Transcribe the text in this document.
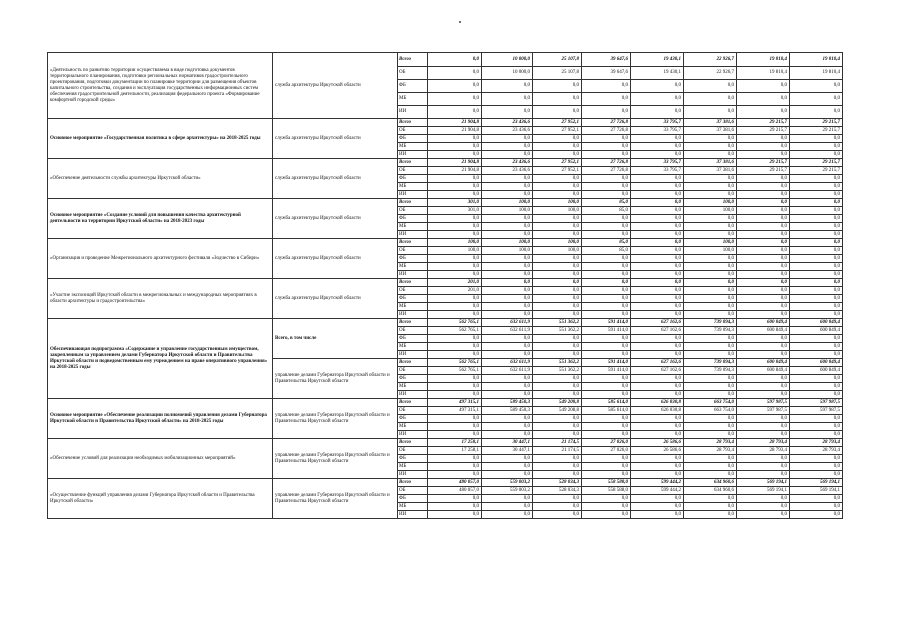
«Деятельность по развитию территории осуществляема в виде подготовка документов территориального планирования, подготовки региональных нормативов градостроительного проектирования, подготовки документации по планировке территории для размещения объектов капитального строительства, создания и эксплуатация государственных информационных систем обеспечения градостроительной деятельности, реализация федерального проекта «Формирование комфортной городской среды»	служба архитектуры Иркутской области	Всего	0,0	10 000,0	25 107,8	39 647,6	19 430,1	22 926,7	19 810,4	19 810,4
		ОБ	0,0	10 000,0	25 107,8	39 647,6	19 430,1	22 926,7	19 810,4	19 810,4
		ФБ	0,0	0,0	0,0	0,0	0,0	0,0	0,0	0,0
		МБ	0,0	0,0	0,0	0,0	0,0	0,0	0,0	0,0
		ИИ	0,0	0,0	0,0	0,0	0,0	0,0	0,0	0,0
Основное мероприятие «Государственная политика в сфере архитектуры» на 2018-2025 годы	служба архитектуры Иркутской области	Всего	21 904,8	23 436,6	27 952,1	27 726,8	33 795,7	37 381,6	29 215,7	29 215,7
		ОБ	21 904,8	23 436,6	27 952,1	27 726,8	33 795,7	37 381,6	29 215,7	29 215,7
		ФБ	0,0	0,0	0,0	0,0	0,0	0,0	0,0	0,0
		МБ	0,0	0,0	0,0	0,0	0,0	0,0	0,0	0,0
		ИИ	0,0	0,0	0,0	0,0	0,0	0,0	0,0	0,0
«Обеспечение деятельности службы архитектуры Иркутской области»	служба архитектуры Иркутской области	Всего	21 904,8	23 436,6	27 952,1	27 726,8	33 795,7	37 381,6	29 215,7	29 215,7
		ОБ	21 904,8	23 436,6	27 952,1	27 726,8	33 795,7	37 381,6	29 215,7	29 215,7
		ФБ	0,0	0,0	0,0	0,0	0,0	0,0	0,0	0,0
		МБ	0,0	0,0	0,0	0,0	0,0	0,0	0,0	0,0
		ИИ	0,0	0,0	0,0	0,0	0,0	0,0	0,0	0,0
Основное мероприятие «Создание условий для повышения качества архитектурной деятельности на территории Иркутской области» на 2018-2023 годы	служба архитектуры Иркутской области	Всего	301,0	100,0	100,0	85,0	0,0	100,0	0,0	0,0
		ОБ	301,0	100,0	100,0	85,0	0,0	100,0	0,0	0,0
		ФБ	0,0	0,0	0,0	0,0	0,0	0,0	0,0	0,0
		МБ	0,0	0,0	0,0	0,0	0,0	0,0	0,0	0,0
		ИИ	0,0	0,0	0,0	0,0	0,0	0,0	0,0	0,0
«Организация и проведение Межрегионального архитектурного фестиваля «Зодчество в Сибири»	служба архитектуры Иркутской области	Всего	100,0	100,0	100,0	85,0	0,0	100,0	0,0	0,0
		ОБ	100,0	100,0	100,0	85,0	0,0	100,0	0,0	0,0
		ФБ	0,0	0,0	0,0	0,0	0,0	0,0	0,0	0,0
		МБ	0,0	0,0	0,0	0,0	0,0	0,0	0,0	0,0
		ИИ	0,0	0,0	0,0	0,0	0,0	0,0	0,0	0,0
«Участие экспозиций Иркутской области в межрегиональных и международных мероприятиях в области архитектуры и градостроительства»	служба архитектуры Иркутской области	Всего	201,0	0,0	0,0	0,0	0,0	0,0	0,0	0,0
		ОБ	201,0	0,0	0,0	0,0	0,0	0,0	0,0	0,0
		ФБ	0,0	0,0	0,0	0,0	0,0	0,0	0,0	0,0
		МБ	0,0	0,0	0,0	0,0	0,0	0,0	0,0	0,0
		ИИ	0,0	0,0	0,0	0,0	0,0	0,0	0,0	0,0
Обеспечивающая подпрограмма «Содержание и управление государственным имуществом, закрепленным за управлением делами Губернатора Иркутской области и Правительства Иркутской области и подведомственным ему учреждением на праве оперативного управления» на 2018-2025 годы	Всего, в том числе	Всего	562 765,1	632 611,9	551 362,2	591 414,0	627 162,6	739 094,3	600 849,4	600 849,4
		ОБ	562 765,1	632 611,9	551 362,2	591 414,0	627 162,6	739 094,3	600 849,4	600 849,4
		ФБ	0,0	0,0	0,0	0,0	0,0	0,0	0,0	0,0
		МБ	0,0	0,0	0,0	0,0	0,0	0,0	0,0	0,0
		ИИ	0,0	0,0	0,0	0,0	0,0	0,0	0,0	0,0
	управление делами Губернатора Иркутской области и Правительства Иркутской области	Всего	562 765,1	632 611,9	551 362,2	591 414,0	627 162,6	739 094,3	600 849,4	600 849,4
		ОБ	562 765,1	632 611,9	551 362,2	591 414,0	627 162,6	739 094,3	600 849,4	600 849,4
		ФБ	0,0	0,0	0,0	0,0	0,0	0,0	0,0	0,0
		МБ	0,0	0,0	0,0	0,0	0,0	0,0	0,0	0,0
		ИИ	0,0	0,0	0,0	0,0	0,0	0,0	0,0	0,0
Основное мероприятие «Обеспечение реализации полномочий управления делами Губернатора Иркутской области и Правительства Иркутской области» на 2018-2025 годы	управление делами Губернатора Иркутской области и Правительства Иркутской области	Всего	497 315,1	589 450,3	549 208,8	585 614,0	626 030,8	663 754,0	597 987,5	597 987,5
		ОБ	497 315,1	589 450,3	549 208,8	585 614,0	626 030,8	663 754,0	597 987,5	597 987,5
		ФБ	0,0	0,0	0,0	0,0	0,0	0,0	0,0	0,0
		МБ	0,0	0,0	0,0	0,0	0,0	0,0	0,0	0,0
		ИИ	0,0	0,0	0,0	0,0	0,0	0,0	0,0	0,0
«Обеспечение условий для реализации необходимых мобилизационных мероприятий»	управление делами Губернатора Иркутской области и Правительства Иркутской области	Всего	17 258,1	30 447,1	21 174,5	27 026,0	26 586,6	28 793,4	28 793,4	28 793,4
		ОБ	17 258,1	30 447,1	21 174,5	27 026,0	26 586,6	28 793,4	28 793,4	28 793,4
		ФБ	0,0	0,0	0,0	0,0	0,0	0,0	0,0	0,0
		МБ	0,0	0,0	0,0	0,0	0,0	0,0	0,0	0,0
		ИИ	0,0	0,0	0,0	0,0	0,0	0,0	0,0	0,0
«Осуществление функций управления делами Губернатора Иркутской области и Правительства Иркутской области»	управление делами Губернатора Иркутской области и Правительства Иркутской области	Всего	480 057,0	559 003,2	528 034,3	558 588,0	599 444,2	634 960,6	569 194,1	569 194,1
		ОБ	480 057,0	559 003,2	528 034,3	558 588,0	599 444,2	634 960,6	569 194,1	569 194,1
		ФБ	0,0	0,0	0,0	0,0	0,0	0,0	0,0	0,0
		МБ	0,0	0,0	0,0	0,0	0,0	0,0	0,0	0,0
		ИИ	0,0	0,0	0,0	0,0	0,0	0,0	0,0	0,0
